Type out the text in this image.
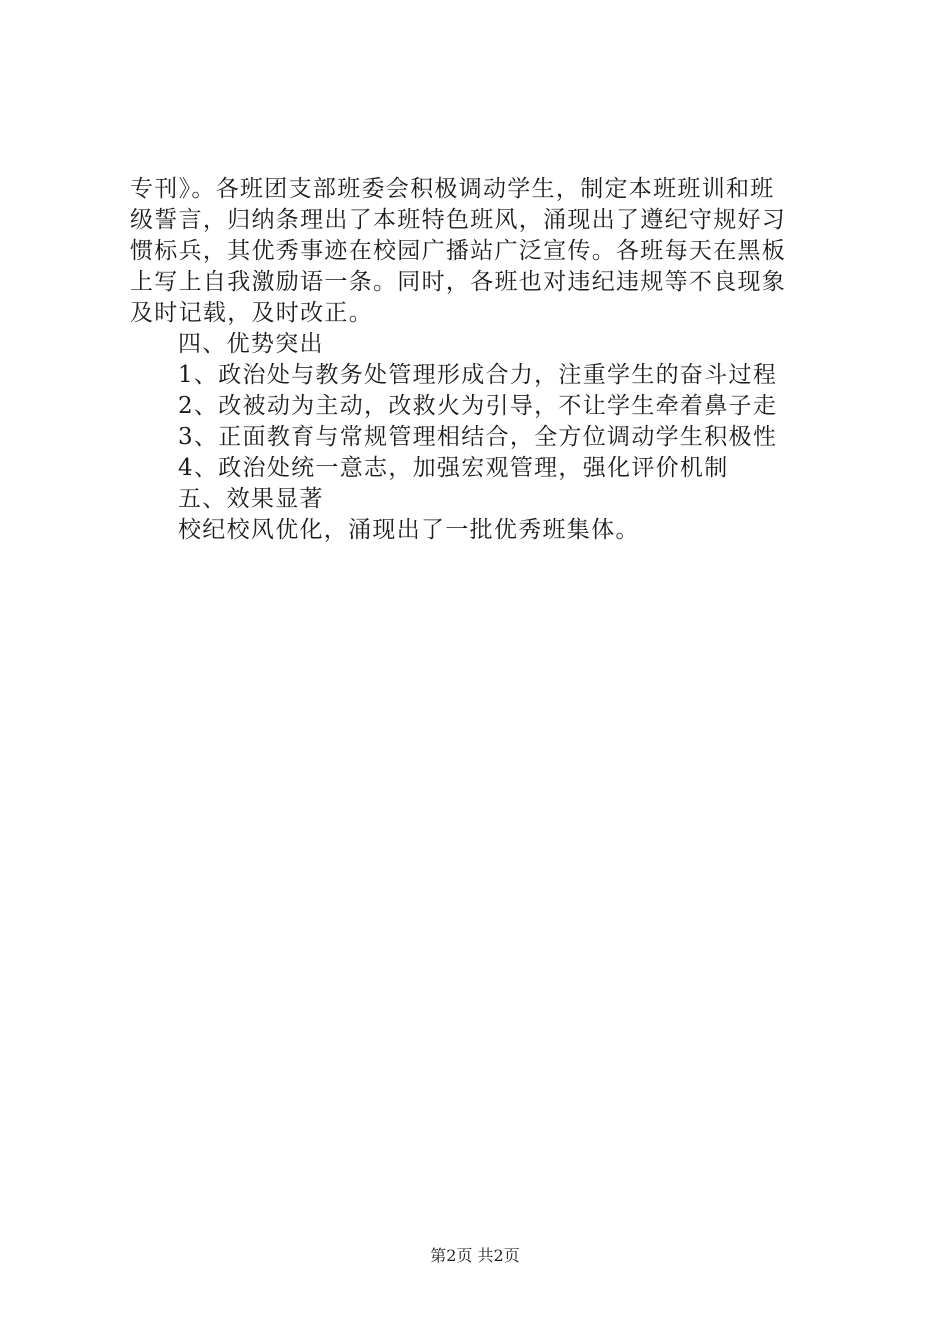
专刊》。各班团支部班委会积极调动学生，制定本班班训和班
级誓言，归纳条理出了本班特色班风，涌现出了遵纪守规好习
惯标兵，其优秀事迹在校园广播站广泛宣传。各班每天在黑板
上写上自我激励语一条。同时，各班也对违纪违规等不良现象
及时记载，及时改正。
四、优势突出
1、政治处与教务处管理形成合力，注重学生的奋斗过程
2、改被动为主动，改救火为引导，不让学生牵着鼻子走
3、正面教育与常规管理相结合，全方位调动学生积极性
4、政治处统一意志，加强宏观管理，强化评价机制
五、效果显著
校纪校风优化，涌现出了一批优秀班集体。
第2页 共2页
